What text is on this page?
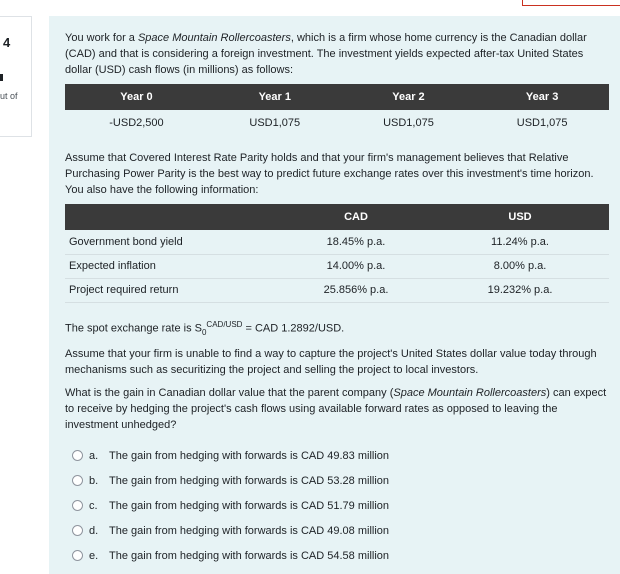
4
ut of

You work for a Space Mountain Rollercoasters, which is a firm whose home currency is the Canadian dollar (CAD) and that is considering a foreign investment. The investment yields expected after-tax United States dollar (USD) cash flows (in millions) as follows:

Year 0	Year 1	Year 2	Year 3
-USD2,500	USD1,075	USD1,075	USD1,075

Assume that Covered Interest Rate Parity holds and that your firm's management believes that Relative Purchasing Power Parity is the best way to predict future exchange rates over this investment's time horizon. You also have the following information:

	CAD	USD
Government bond yield	18.45% p.a.	11.24% p.a.
Expected inflation	14.00% p.a.	8.00% p.a.
Project required return	25.856% p.a.	19.232% p.a.

The spot exchange rate is $S_0^{CAD/USD}$ = CAD 1.2892/USD.

Assume that your firm is unable to find a way to capture the project's United States dollar value today through mechanisms such as securitizing the project and selling the project to local investors.

What is the gain in Canadian dollar value that the parent company (Space Mountain Rollercoasters) can expect to receive by hedging the project's cash flows using available forward rates as opposed to leaving the investment unhedged?

a. The gain from hedging with forwards is CAD 49.83 million
b. The gain from hedging with forwards is CAD 53.28 million
c.	The gain from hedging with forwards is CAD 51.79 million
d. The gain from hedging with forwards is CAD 49.08 million
e. The gain from hedging with forwards is CAD 54.58 million
